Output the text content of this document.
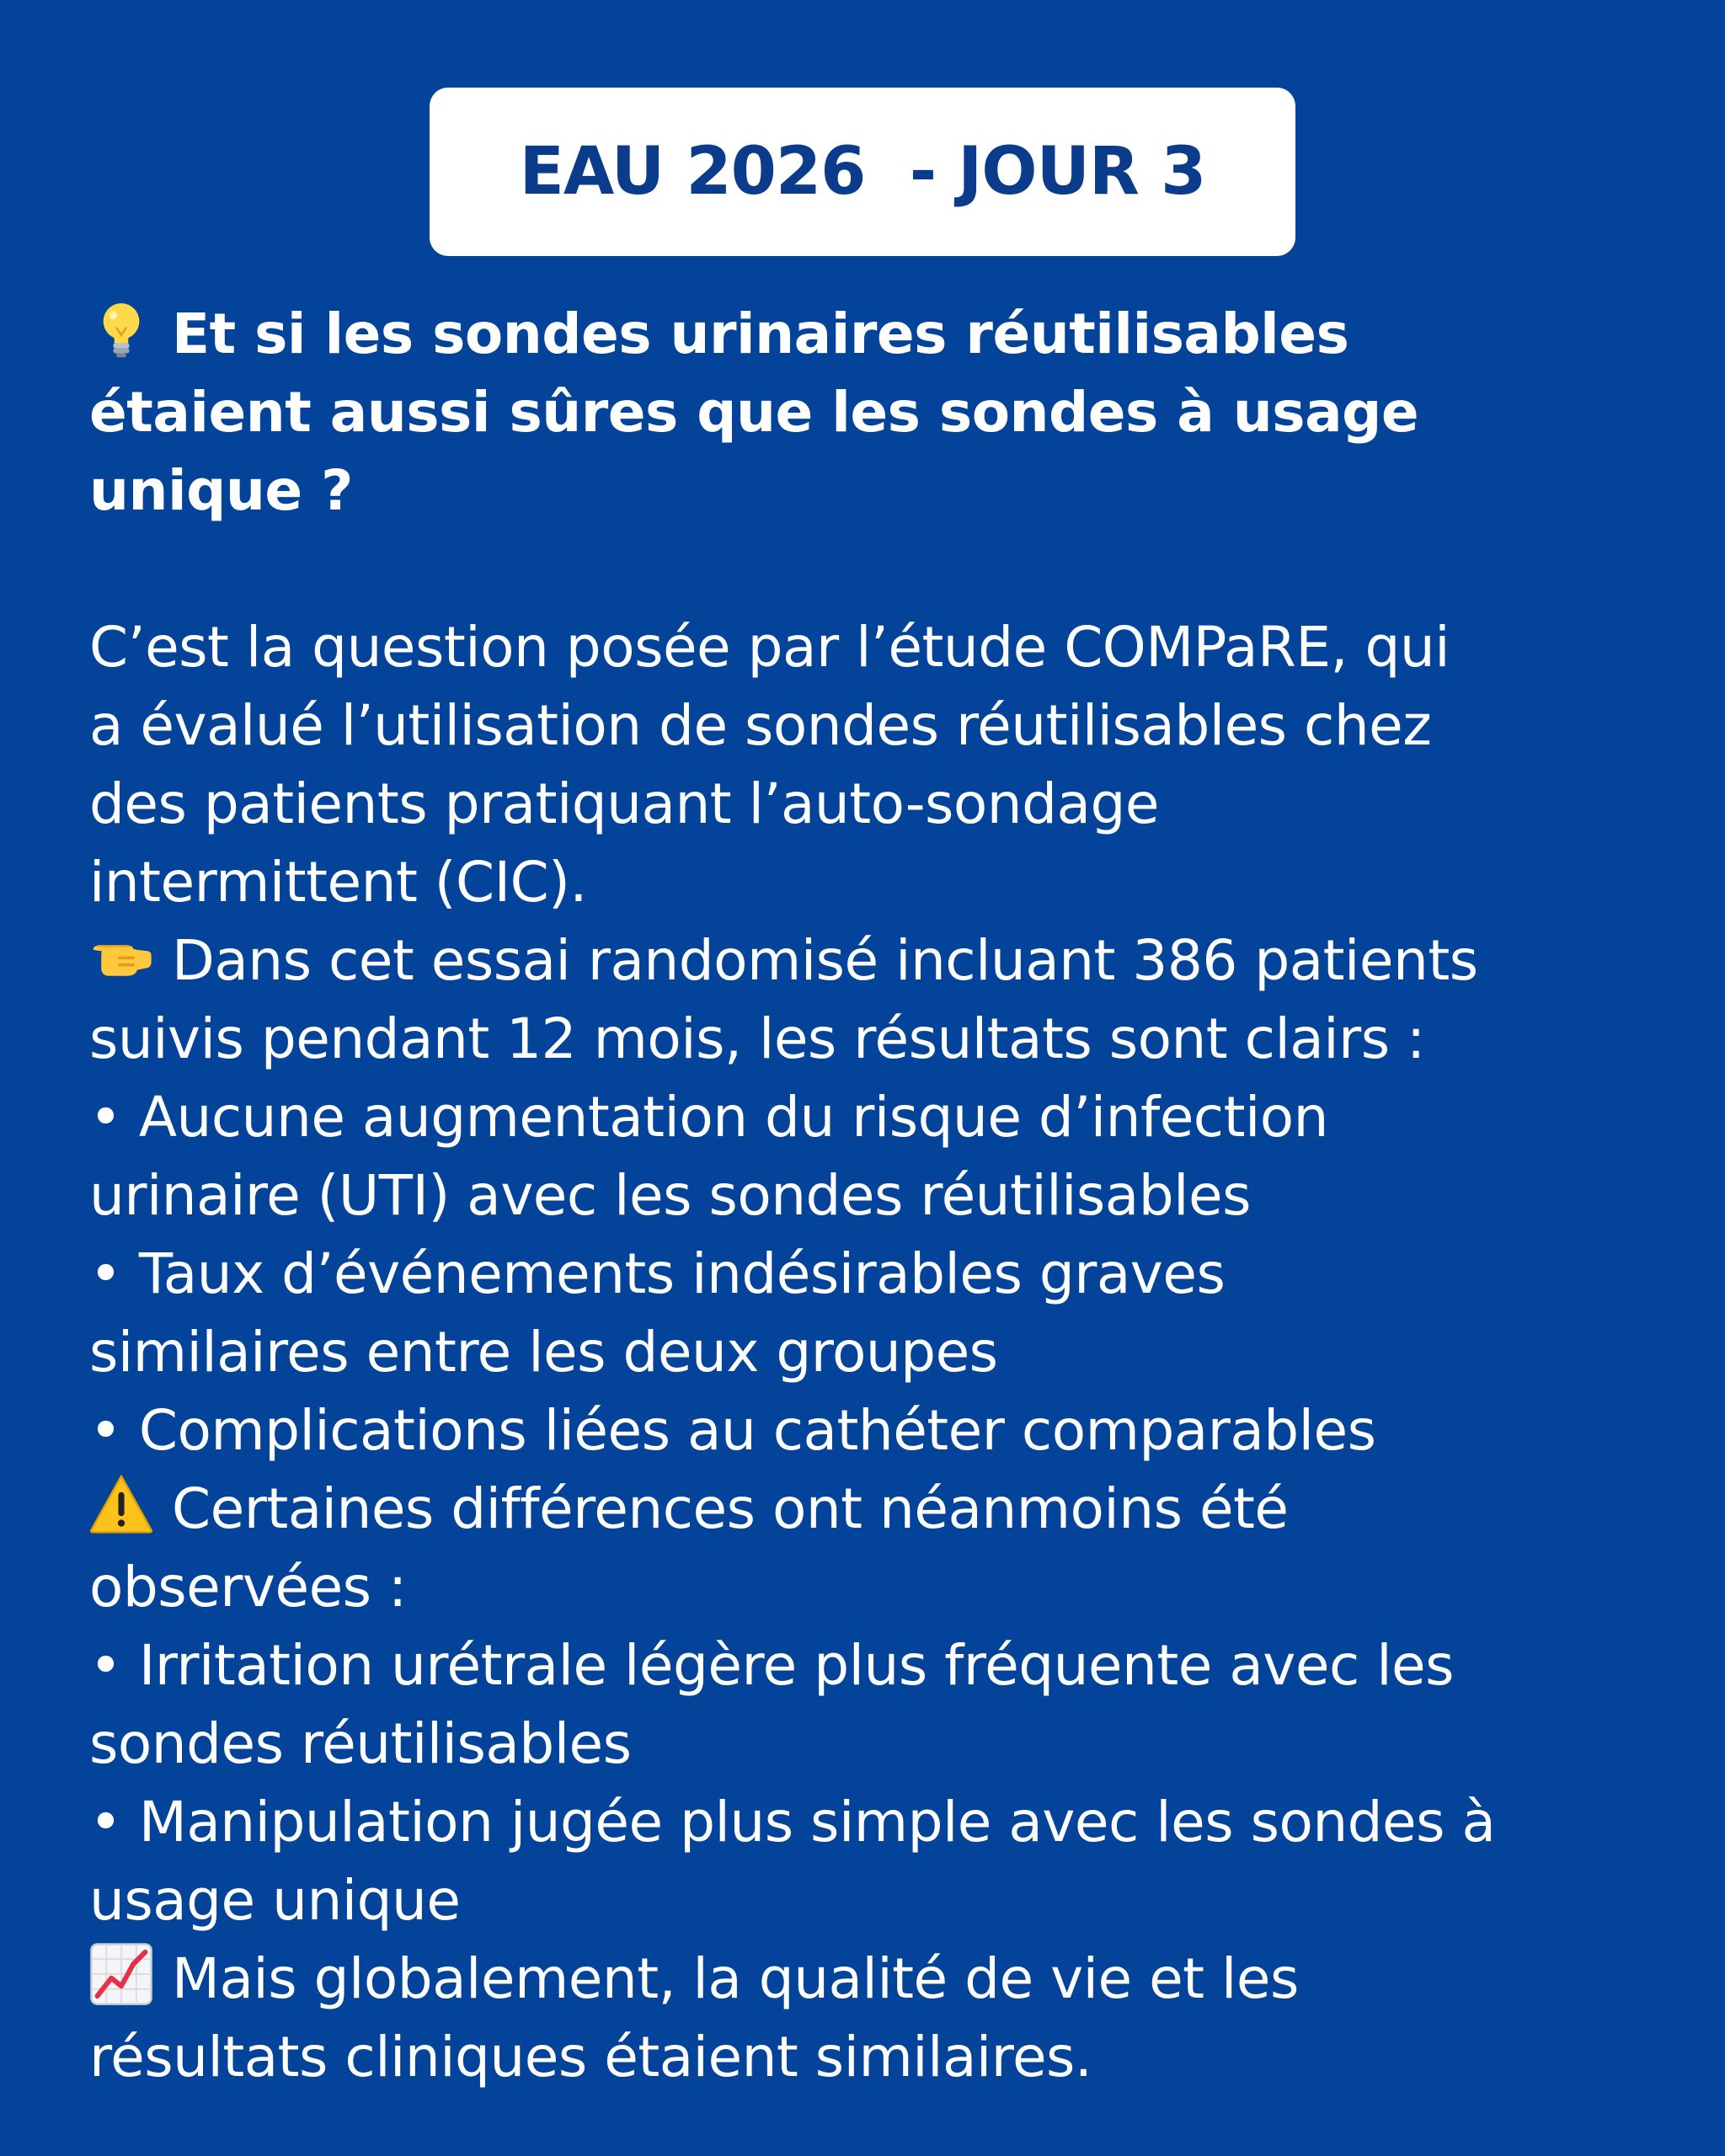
EAU 2026  - JOUR 3
Et si les sondes urinaires réutilisables
étaient aussi sûres que les sondes à usage
unique ?
C’est la question posée par l’étude COMPaRE, qui
a évalué l’utilisation de sondes réutilisables chez
des patients pratiquant l’auto-sondage
intermittent (CIC).
Dans cet essai randomisé incluant 386 patients
suivis pendant 12 mois, les résultats sont clairs :
• Aucune augmentation du risque d’infection
urinaire (UTI) avec les sondes réutilisables
• Taux d’événements indésirables graves
similaires entre les deux groupes
• Complications liées au cathéter comparables
Certaines différences ont néanmoins été
observées :
• Irritation urétrale légère plus fréquente avec les
sondes réutilisables
• Manipulation jugée plus simple avec les sondes à
usage unique
Mais globalement, la qualité de vie et les
résultats cliniques étaient similaires.
